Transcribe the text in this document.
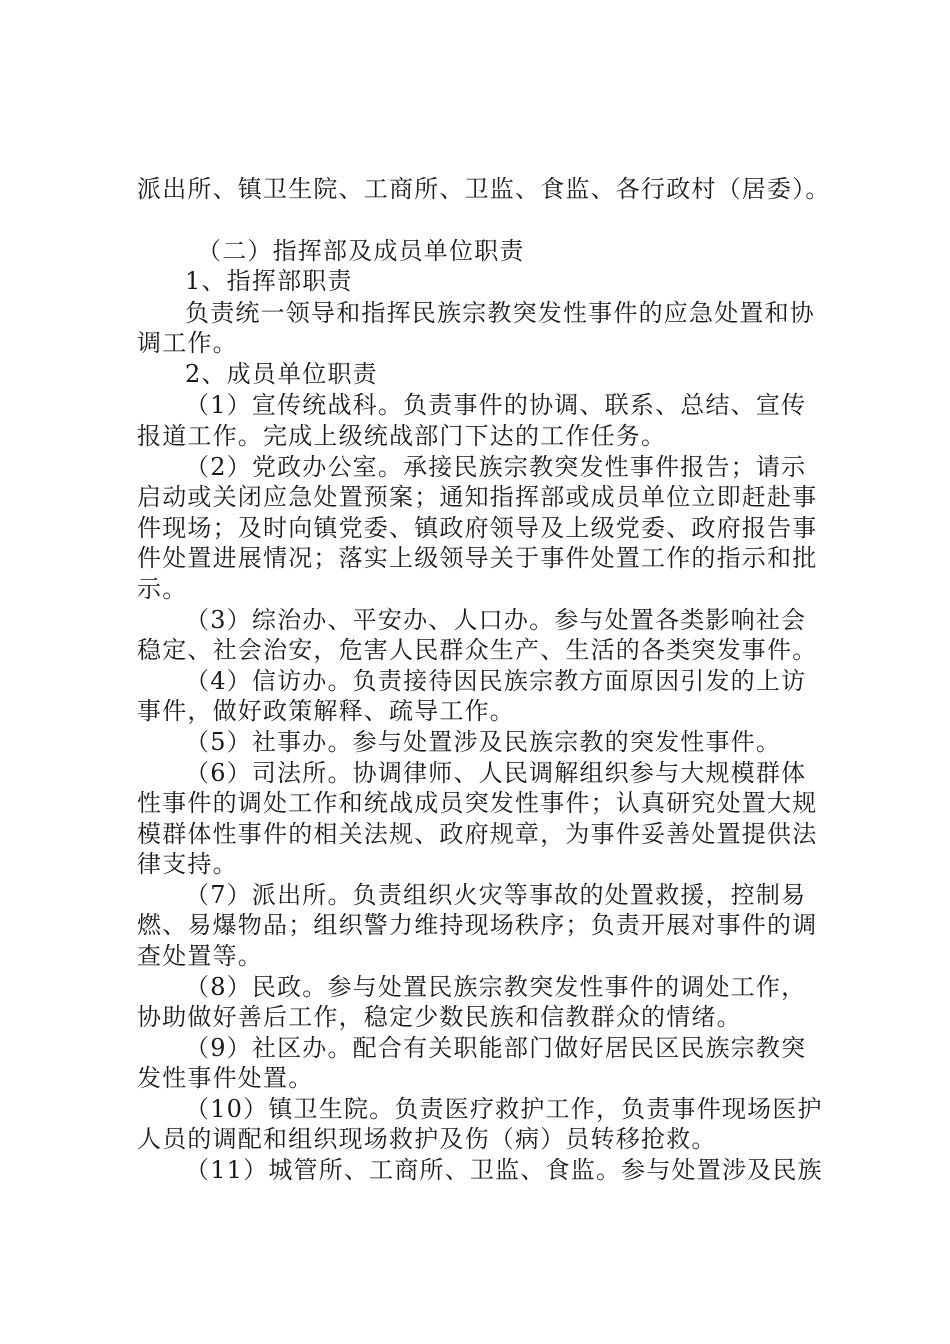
派出所、镇卫生院、工商所、卫监、食监、各行政村（居委）。
（二）指挥部及成员单位职责
1、指挥部职责
负责统一领导和指挥民族宗教突发性事件的应急处置和协
调工作。
2、成员单位职责
（1）宣传统战科。负责事件的协调、联系、总结、宣传
报道工作。完成上级统战部门下达的工作任务。
（2）党政办公室。承接民族宗教突发性事件报告；请示
启动或关闭应急处置预案；通知指挥部或成员单位立即赶赴事
件现场；及时向镇党委、镇政府领导及上级党委、政府报告事
件处置进展情况；落实上级领导关于事件处置工作的指示和批
示。
（3）综治办、平安办、人口办。参与处置各类影响社会
稳定、社会治安，危害人民群众生产、生活的各类突发事件。
（4）信访办。负责接待因民族宗教方面原因引发的上访
事件，做好政策解释、疏导工作。
（5）社事办。参与处置涉及民族宗教的突发性事件。
（6）司法所。协调律师、人民调解组织参与大规模群体
性事件的调处工作和统战成员突发性事件；认真研究处置大规
模群体性事件的相关法规、政府规章，为事件妥善处置提供法
律支持。
（7）派出所。负责组织火灾等事故的处置救援，控制易
燃、易爆物品；组织警力维持现场秩序；负责开展对事件的调
查处置等。
（8）民政。参与处置民族宗教突发性事件的调处工作，
协助做好善后工作，稳定少数民族和信教群众的情绪。
（9）社区办。配合有关职能部门做好居民区民族宗教突
发性事件处置。
（10）镇卫生院。负责医疗救护工作，负责事件现场医护
人员的调配和组织现场救护及伤（病）员转移抢救。
（11）城管所、工商所、卫监、食监。参与处置涉及民族
